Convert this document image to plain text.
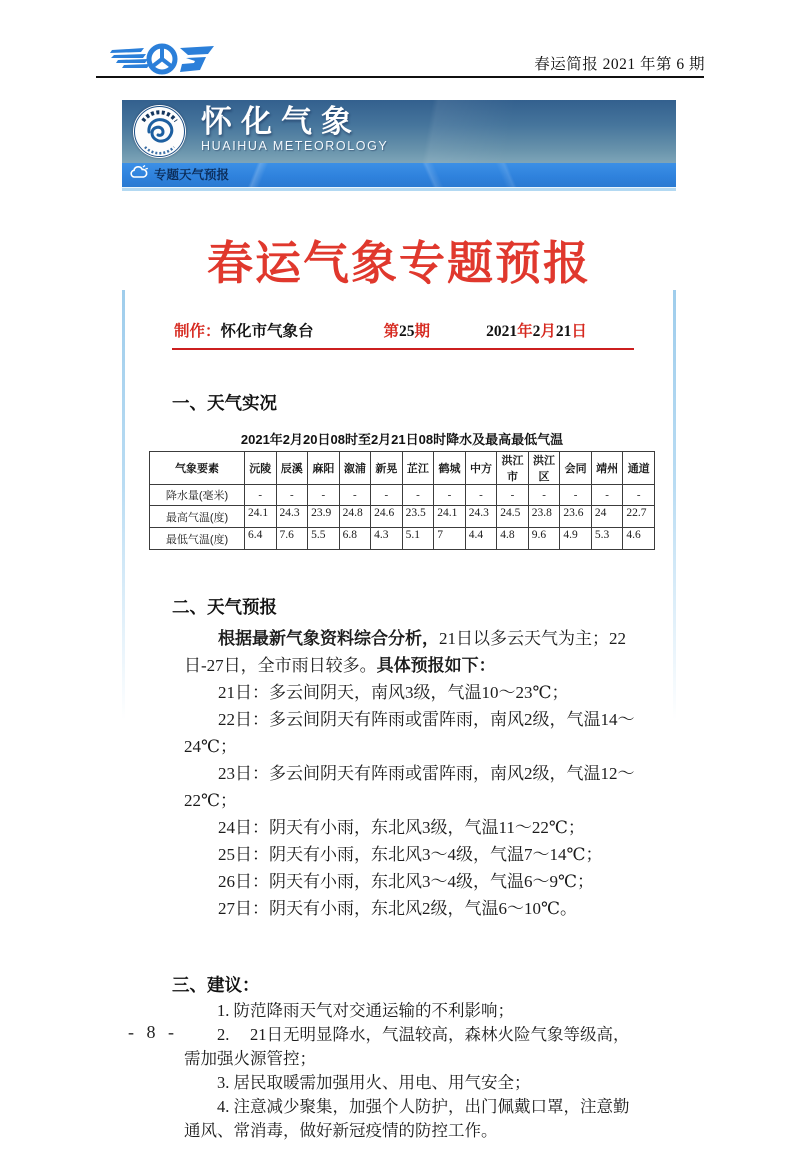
春运简报 2021 年第 6 期
怀化气象
HUAIHUA METEOROLOGY
专题天气预报
春运气象专题预报
制作：怀化市气象台	第25期	2021年2月21日
一、天气实况
2021年2月20日08时至2月21日08时降水及最高最低气温
气象要素	沅陵	辰溪	麻阳	溆浦	新晃	芷江	鹤城	中方	洪江市	洪江区	会同	靖州	通道
降水量(毫米)	-	-	-	-	-	-	-	-	-	-	-	-	-
最高气温(度)	24.1	24.3	23.9	24.8	24.6	23.5	24.1	24.3	24.5	23.8	23.6	24	22.7
最低气温(度)	6.4	7.6	5.5	6.8	4.3	5.1	7	4.4	4.8	9.6	4.9	5.3	4.6
二、天气预报

根据最新气象资料综合分析，21日以多云天气为主；22日-27日，全市雨日较多。具体预报如下：

21日：多云间阴天，南风3级，气温10～23℃；

22日：多云间阴天有阵雨或雷阵雨，南风2级，气温14～24℃；

23日：多云间阴天有阵雨或雷阵雨，南风2级，气温12～22℃；

24日：阴天有小雨，东北风3级，气温11～22℃；

25日：阴天有小雨，东北风3～4级，气温7～14℃；

26日：阴天有小雨，东北风3～4级，气温6～9℃；

27日：阴天有小雨，东北风2级，气温6～10℃。

三、建议：

1. 防范降雨天气对交通运输的不利影响；

2.　 21日无明显降水，气温较高，森林火险气象等级高，需加强火源管控；

3. 居民取暖需加强用火、用电、用气安全；

4. 注意减少聚集，加强个人防护，出门佩戴口罩，注意勤通风、常消毒，做好新冠疫情的防控工作。

- 8 -
